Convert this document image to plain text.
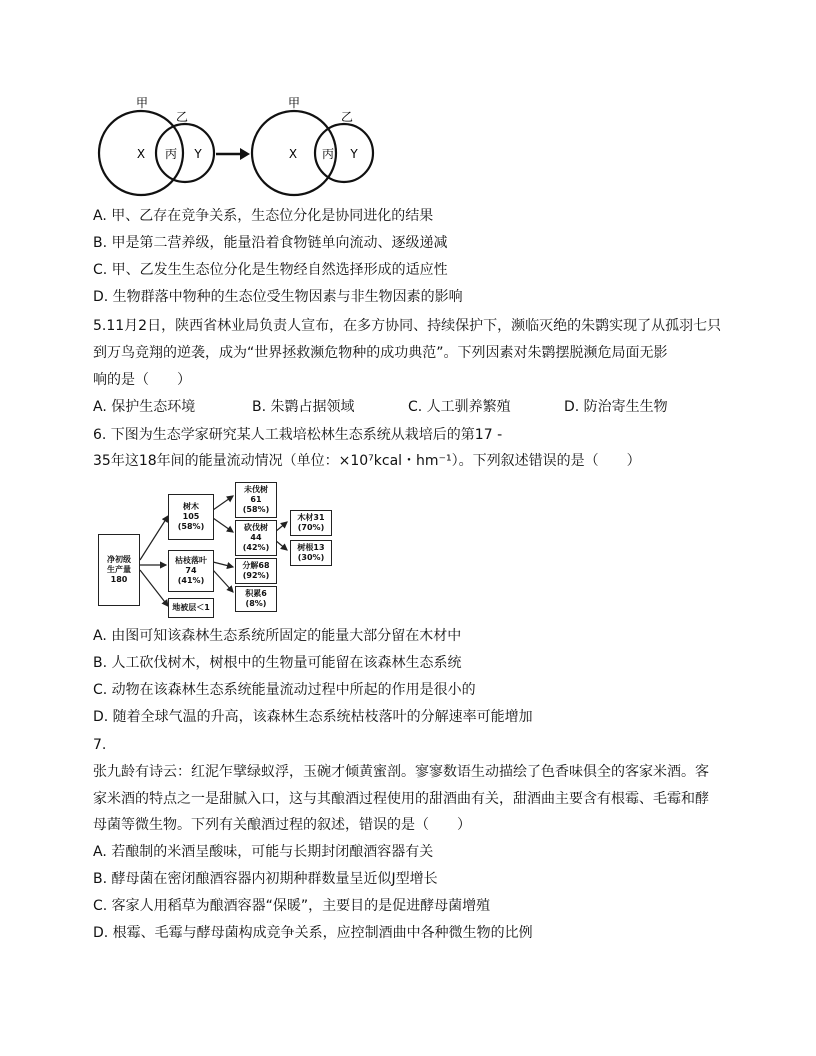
甲
乙
X 丙 Y
甲
乙
X 丙 Y
A. 甲、乙存在竞争关系，生态位分化是协同进化的结果
B. 甲是第二营养级，能量沿着食物链单向流动、逐级递减
C. 甲、乙发生生态位分化是生物经自然选择形成的适应性
D. 生物群落中物种的生态位受生物因素与非生物因素的影响
5.11月2日，陕西省林业局负责人宣布，在多方协同、持续保护下，濒临灭绝的朱鹮实现了从孤羽七只
到万鸟竞翔的逆袭，成为“世界拯救濒危物种的成功典范”。下列因素对朱鹮摆脱濒危局面无影
响的是（　　）
A. 保护生态环境	B. 朱鹮占据领域	C. 人工驯养繁殖	D. 防治寄生生物
6. 下图为生态学家研究某人工栽培松林生态系统从栽培后的第17 -
35年这18年间的能量流动情况（单位：×10⁷kcal・hm⁻¹）。下列叙述错误的是（　　）
净初级
生产量
180
树木
105
(58%)
枯枝落叶
74
(41%)
地被层＜1
未伐树
61
(58%)
砍伐树
44
(42%)
分解68
(92%)
积累6
(8%)
木材31
(70%)
树根13
(30%)
A. 由图可知该森林生态系统所固定的能量大部分留在木材中
B. 人工砍伐树木，树根中的生物量可能留在该森林生态系统
C. 动物在该森林生态系统能量流动过程中所起的作用是很小的
D. 随着全球气温的升高，该森林生态系统枯枝落叶的分解速率可能增加
7.
张九龄有诗云：红泥乍擘绿蚁浮，玉碗才倾黄蜜剖。寥寥数语生动描绘了色香味俱全的客家米酒。客
家米酒的特点之一是甜腻入口，这与其酿酒过程使用的甜酒曲有关，甜酒曲主要含有根霉、毛霉和酵
母菌等微生物。下列有关酿酒过程的叙述，错误的是（　　）
A. 若酿制的米酒呈酸味，可能与长期封闭酿酒容器有关
B. 酵母菌在密闭酿酒容器内初期种群数量呈近似J型增长
C. 客家人用稻草为酿酒容器“保暖”，主要目的是促进酵母菌增殖
D. 根霉、毛霉与酵母菌构成竞争关系，应控制酒曲中各种微生物的比例
